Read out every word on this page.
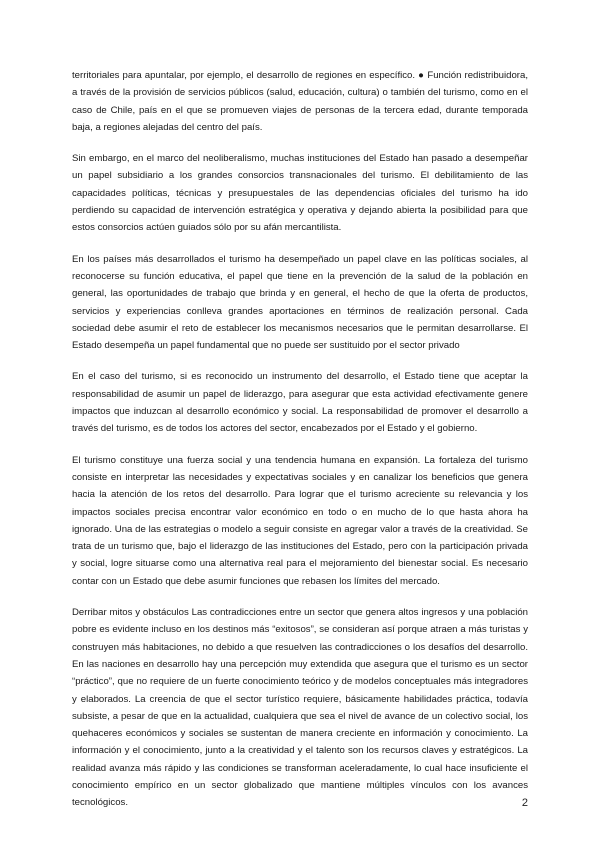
territoriales para apuntalar, por ejemplo, el desarrollo de regiones en específico. ● Función redistribuidora, a través de la provisión de servicios públicos (salud, educación, cultura) o también del turismo, como en el caso de Chile, país en el que se promueven viajes de personas de la tercera edad, durante temporada baja, a regiones alejadas del centro del país.

Sin embargo, en el marco del neoliberalismo, muchas instituciones del Estado han pasado a desempeñar un papel subsidiario a los grandes consorcios transnacionales del turismo. El debilitamiento de las capacidades políticas, técnicas y presupuestales de las dependencias oficiales del turismo ha ido perdiendo su capacidad de intervención estratégica y operativa y dejando abierta la posibilidad para que estos consorcios actúen guiados sólo por su afán mercantilista.

En los países más desarrollados el turismo ha desempeñado un papel clave en las políticas sociales, al reconocerse su función educativa, el papel que tiene en la prevención de la salud de la población en general, las oportunidades de trabajo que brinda y en general, el hecho de que la oferta de productos, servicios y experiencias conlleva grandes aportaciones en términos de realización personal. Cada sociedad debe asumir el reto de establecer los mecanismos necesarios que le permitan desarrollarse. El Estado desempeña un papel fundamental que no puede ser sustituido por el sector privado

En el caso del turismo, si es reconocido un instrumento del desarrollo, el Estado tiene que aceptar la responsabilidad de asumir un papel de liderazgo, para asegurar que esta actividad efectivamente genere impactos que induzcan al desarrollo económico y social. La responsabilidad de promover el desarrollo a través del turismo, es de todos los actores del sector, encabezados por el Estado y el gobierno.

El turismo constituye una fuerza social y una tendencia humana en expansión. La fortaleza del turismo consiste en interpretar las necesidades y expectativas sociales y en canalizar los beneficios que genera hacia la atención de los retos del desarrollo. Para lograr que el turismo acreciente su relevancia y los impactos sociales precisa encontrar valor económico en todo o en mucho de lo que hasta ahora ha ignorado. Una de las estrategias o modelo a seguir consiste en agregar valor a través de la creatividad. Se trata de un turismo que, bajo el liderazgo de las instituciones del Estado, pero con la participación privada y social, logre situarse como una alternativa real para el mejoramiento del bienestar social. Es necesario contar con un Estado que debe asumir funciones que rebasen los límites del mercado.

Derribar mitos y obstáculos Las contradicciones entre un sector que genera altos ingresos y una población pobre es evidente incluso en los destinos más “exitosos”, se consideran así porque atraen a más turistas y construyen más habitaciones, no debido a que resuelven las contradicciones o los desafíos del desarrollo. En las naciones en desarrollo hay una percepción muy extendida que asegura que el turismo es un sector “práctico”, que no requiere de un fuerte conocimiento teórico y de modelos conceptuales más integradores y elaborados. La creencia de que el sector turístico requiere, básicamente habilidades práctica, todavía subsiste, a pesar de que en la actualidad, cualquiera que sea el nivel de avance de un colectivo social, los quehaceres económicos y sociales se sustentan de manera creciente en información y conocimiento. La información y el conocimiento, junto a la creatividad y el talento son los recursos claves y estratégicos. La realidad avanza más rápido y las condiciones se transforman aceleradamente, lo cual hace insuficiente el conocimiento empírico en un sector globalizado que mantiene múltiples vínculos con los avances tecnológicos.	2
